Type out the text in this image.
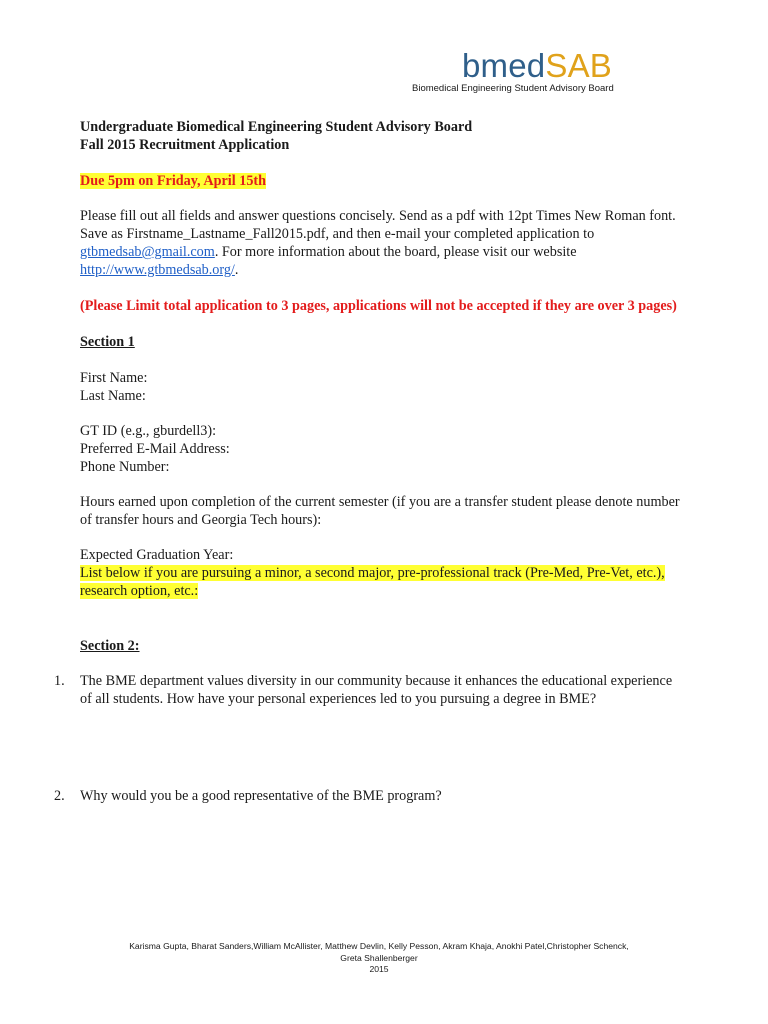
bmedSAB
Biomedical Engineering Student Advisory Board

Undergraduate Biomedical Engineering Student Advisory Board

Fall 2015 Recruitment Application

Due 5pm on Friday, April 15th

Please fill out all fields and answer questions concisely. Send as a pdf with 12pt Times New Roman font. Save as Firstname_Lastname_Fall2015.pdf, and then e-mail your completed application to gtbmedsab@gmail.com. For more information about the board, please visit our website http://www.gtbmedsab.org/.

(Please Limit total application to 3 pages, applications will not be accepted if they are over 3 pages)

Section 1

First Name:

Last Name:

GT ID (e.g., gburdell3):

Preferred E-Mail Address:

Phone Number:

Hours earned upon completion of the current semester (if you are a transfer student please denote number of transfer hours and Georgia Tech hours):

Expected Graduation Year:

List below if you are pursuing a minor, a second major, pre-professional track (Pre-Med, Pre-Vet, etc.), research option, etc.:

Section 2:

1. The BME department values diversity in our community because it enhances the educational experience of all students. How have your personal experiences led to you pursuing a degree in BME?

2. Why would you be a good representative of the BME program?

Karisma Gupta, Bharat Sanders,William McAllister, Matthew Devlin, Kelly Pesson, Akram Khaja, Anokhi Patel,Christopher Schenck,
Greta Shallenberger
2015
